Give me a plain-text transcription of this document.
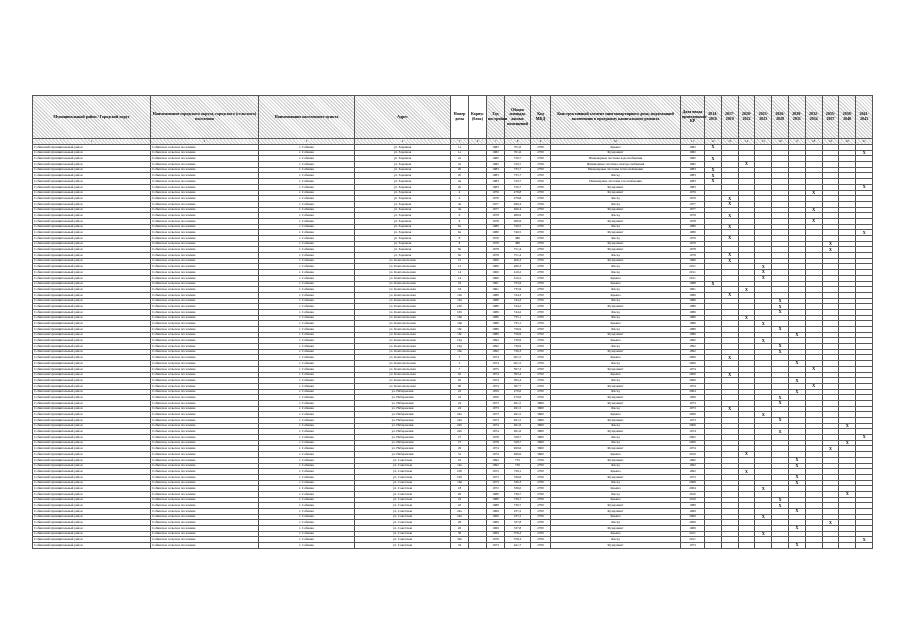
Муниципальный район / Городской округ	Наименование городского округа, городского (сельского) поселения	Наименование населенного пункта	Адрес	Номер дома	Корпус (блок)	Год постройки	Общая площадь жилых помещений	Код МКД	Конструктивный элемент многоквартирного дома, подлежащий включению в программу капитального ремонта	Дата ввода проведенного КР	2014-2016	2017-2019	2020-2022	2023-2025	2026-2028	2029-2031	2032-2034	2035-2037	2038-2040	2041-2043
1	2	3	4	5	6	7	8	9	10	11	12	13	14	15	16	17	18	19	20	21
Собинский муниципальный район	Собинское сельское поселение	г. Собинка	ул. Заречная	1а		1982	701,6	2700	Крыша	1982	X									
Собинский муниципальный район	Собинское сельское поселение	г. Собинка	ул. Заречная	1а		1982	701,6	2700	Фундамент	1982										X
Собинский муниципальный район	Собинское сельское поселение	г. Собинка	ул. Заречная	2а		1982	720,7	2700	Инженерные системы водоснабжения	1982	X									
Собинский муниципальный район	Собинское сельское поселение	г. Собинка	ул. Заречная	2а		1982	720,7	2700	Инженерные системы электроснабжения	1982			X							
Собинский муниципальный район	Собинское сельское поселение	г. Собинка	ул. Заречная	2б		1983	735,7	2700	Инженерные системы теплоснабжения	1983	X									
Собинский муниципальный район	Собинское сельское поселение	г. Собинка	ул. Заречная	2б		1983	735,7	2700	Фасад	1983	X									
Собинский муниципальный район	Собинское сельское поселение	г. Собинка	ул. Заречная	2в		1983	720,7	2700	Инженерные системы газоснабжения	1983	X									
Собинский муниципальный район	Собинское сельское поселение	г. Собинка	ул. Заречная	2в		1983	720,7	2700	Фундамент	1983										X
Собинский муниципальный район	Собинское сельское поселение	г. Собинка	ул. Заречная	4		1976	478,8	2700	Фундамент	1976							X			
Собинский муниципальный район	Собинское сельское поселение	г. Собинка	ул. Заречная	4		1976	478,8	2700	Фасад	1976		X								
Собинский муниципальный район	Собинское сельское поселение	г. Собинка	ул. Заречная	4а		1977	490,4	2700	Фасад	1977		X								
Собинский муниципальный район	Собинское сельское поселение	г. Собинка	ул. Заречная	4а		1977	490,4	2700	Фундамент	1977							X			
Собинский муниципальный район	Собинское сельское поселение	г. Собинка	ул. Заречная	6		1978	486,9	2700	Фасад	1978		X								
Собинский муниципальный район	Собинское сельское поселение	г. Собинка	ул. Заречная	6		1978	486,9	2700	Фундамент	1978							X			
Собинский муниципальный район	Собинское сельское поселение	г. Собинка	ул. Заречная	6а		1980	740,5	2700	Фасад	1980		X								
Собинский муниципальный район	Собинское сельское поселение	г. Собинка	ул. Заречная	6а		1980	740,5	2700	Фундамент	1980										X
Собинский муниципальный район	Собинское сельское поселение	г. Собинка	ул. Заречная	8		1976	480	2700	Фасад	1976		X								
Собинский муниципальный район	Собинское сельское поселение	г. Собинка	ул. Заречная	8		1976	480	2700	Фундамент	1976								X		
Собинский муниципальный район	Собинское сельское поселение	г. Собинка	ул. Заречная	8а		1978	751,4	2700	Фундамент	1978								X		
Собинский муниципальный район	Собинское сельское поселение	г. Собинка	ул. Заречная	8а		1978	751,4	2700	Фасад	1978		X								
Собинский муниципальный район	Собинское сельское поселение	г. Собинка	ул. Комсомольская	12		1960	406,3	2700	Фундамент	1960		X								
Собинский муниципальный район	Собинское сельское поселение	г. Собинка	ул. Комсомольская	12		1960	406,3	2700	Фасад	2011				X						
Собинский муниципальный район	Собинское сельское поселение	г. Собинка	ул. Комсомольская	14		1960	410,2	2700	Фасад	2011				X						
Собинский муниципальный район	Собинское сельское поселение	г. Собинка	ул. Комсомольская	14		1960	410,2	2700	Крыша	2011				X						
Собинский муниципальный район	Собинское сельское поселение	г. Собинка	ул. Комсомольская	16		1961	735,9	2700	Крыша	1988	X									
Собинский муниципальный район	Собинское сельское поселение	г. Собинка	ул. Комсомольская	16		1961	735,9	2700	Фасад	1961			X							
Собинский муниципальный район	Собинское сельское поселение	г. Собинка	ул. Комсомольская	16а		1986	744,3	2700	Крыша	1986		X								
Собинский муниципальный район	Собинское сельское поселение	г. Собинка	ул. Комсомольская	16а		1986	744,3	2700	Фасад	1986					X					
Собинский муниципальный район	Собинское сельское поселение	г. Собинка	ул. Комсомольская	16б		1986	744,2	2700	Фундамент	1986					X					
Собинский муниципальный район	Собинское сельское поселение	г. Собинка	ул. Комсомольская	16б		1986	744,2	2700	Фасад	1986					X					
Собинский муниципальный район	Собинское сельское поселение	г. Собинка	ул. Комсомольская	16в		1986	735,1	2700	Фасад	1986			X							
Собинский муниципальный район	Собинское сельское поселение	г. Собинка	ул. Комсомольская	16в		1986	735,1	2700	Крыша	1986				X						
Собинский муниципальный район	Собинское сельское поселение	г. Собинка	ул. Комсомольская	16г		1986	756,9	2700	Фасад	1986					X					
Собинский муниципальный район	Собинское сельское поселение	г. Собинка	ул. Комсомольская	16г		1986	756,9	2700	Фундамент	1986						X				
Собинский муниципальный район	Собинское сельское поселение	г. Собинка	ул. Комсомольская	16д		1992	736,9	2700	Крыша	1992				X						
Собинский муниципальный район	Собинское сельское поселение	г. Собинка	ул. Комсомольская	16д		1992	736,9	2700	Фасад	1992					X					
Собинский муниципальный район	Собинское сельское поселение	г. Собинка	ул. Комсомольская	16е		1992	736,3	2700	Фундамент	1992					X					
Собинский муниципальный район	Собинское сельское поселение	г. Собинка	ул. Комсомольская	5		1974	401,5	2700	Крыша	2006		X								
Собинский муниципальный район	Собинское сельское поселение	г. Собинка	ул. Комсомольская	5		1974	401,5	2700	Фасад	2006						X				
Собинский муниципальный район	Собинское сельское поселение	г. Собинка	ул. Комсомольская	7		1975	397,3	2700	Фундамент	1974							X			
Собинский муниципальный район	Собинское сельское поселение	г. Собинка	ул. Комсомольская	9а		1974	395,4	2700	Крыша	2006		X								
Собинский муниципальный район	Собинское сельское поселение	г. Собинка	ул. Комсомольская	9а		1974	395,4	2700	Фасад	2006						X				
Собинский муниципальный район	Собинское сельское поселение	г. Собинка	ул. Комсомольская	9б		1974	397,7	2700	Фундамент	1974							X			
Собинский муниципальный район	Собинское сельское поселение	г. Собинка	ул. Набережная	22		1959	270,6	2700	Фасад	2004						X				
Собинский муниципальный район	Собинское сельское поселение	г. Собинка	ул. Набережная	22		1959	270,6	2700	Фундамент	1969					X					
Собинский муниципальный район	Собинское сельское поселение	г. Собинка	ул. Набережная	24		1973	491,5	3600	Фундамент	1973					X					
Собинский муниципальный район	Собинское сельское поселение	г. Собинка	ул. Набережная	24		1973	491,5	3600	Фасад	1973		X								
Собинский муниципальный район	Собинское сельское поселение	г. Собинка	ул. Набережная	24а		1973	491,5	3600	Крыша	2009				X						
Собинский муниципальный район	Собинское сельское поселение	г. Собинка	ул. Набережная	24а		1973	491,5	3600	Фундамент	1973					X					
Собинский муниципальный район	Собинское сельское поселение	г. Собинка	ул. Набережная	24б		1974	491,6	3600	Фасад	2009									X	
Собинский муниципальный район	Собинское сельское поселение	г. Собинка	ул. Набережная	24б		1974	491,6	3600	Фундамент	1974					X					
Собинский муниципальный район	Собинское сельское поселение	г. Собинка	ул. Набережная	27		1978	328,7	3600	Фасад	2002										X
Собинский муниципальный район	Собинское сельское поселение	г. Собинка	ул. Набережная	27		1978	328,7	3600	Фасад	2009									X	
Собинский муниципальный район	Собинское сельское поселение	г. Собинка	ул. Набережная	29		1974	490,6	3600	Фундамент	1974								X		
Собинский муниципальный район	Собинское сельское поселение	г. Собинка	ул. Набережная	31		1974	490,6	3600	Крыша	2010			X							
Собинский муниципальный район	Собинское сельское поселение	г. Собинка	ул. Советская	16		1992	735	2700	Фундамент	1992						X				
Собинский муниципальный район	Собинское сельское поселение	г. Собинка	ул. Советская	16а		1992	730	2700	Фасад	1992						X				
Собинский муниципальный район	Собинское сельское поселение	г. Собинка	ул. Советская	16б		1972	739,1	2700	Крыша	1992			X							
Собинский муниципальный район	Собинское сельское поселение	г. Собинка	ул. Советская	16б		1973	336,6	2700	Фундамент	1973						X				
Собинский муниципальный район	Собинское сельское поселение	г. Собинка	ул. Советская	16в		1973	330,3	2700	Фасад	2008						X				
Собинский муниципальный район	Собинское сельское поселение	г. Собинка	ул. Советская	18		1972	336,0	2700	Крыша	2004				X						
Собинский муниципальный район	Собинское сельское поселение	г. Собинка	ул. Советская	20		1989	736,7	2700	Фасад	2010									X	
Собинский муниципальный район	Собинское сельское поселение	г. Собинка	ул. Советская	22		1989	736,7	2700	Крыша	2010					X					
Собинский муниципальный район	Собинское сельское поселение	г. Собинка	ул. Советская	22		1989	736,7	2700	Фундамент	1989					X					
Собинский муниципальный район	Собинское сельское поселение	г. Собинка	ул. Советская	24а		1969	237,2	2700	Фундамент	1969						X				
Собинский муниципальный район	Собинское сельское поселение	г. Собинка	ул. Советская	24а		1969	237,2	2700	Крыша	2009				X						
Собинский муниципальный район	Собинское сельское поселение	г. Собинка	ул. Советская	26		1969	337,8	2700	Фасад	2009								X		
Собинский муниципальный район	Собинское сельское поселение	г. Собинка	ул. Советская	26		1969	337,8	2700	Фундамент	1969						X				
Собинский муниципальный район	Собинское сельское поселение	г. Собинка	ул. Советская	30		1969	376,3	2700	Крыша	2011				X						
Собинский муниципальный район	Собинское сельское поселение	г. Собинка	ул. Советская	30а		1970	378,3	2700	Фасад	2011										X
Собинский муниципальный район	Собинское сельское поселение	г. Собинка	ул. Советская	32		1973	441,7	2700	Фундамент	1973						X				
